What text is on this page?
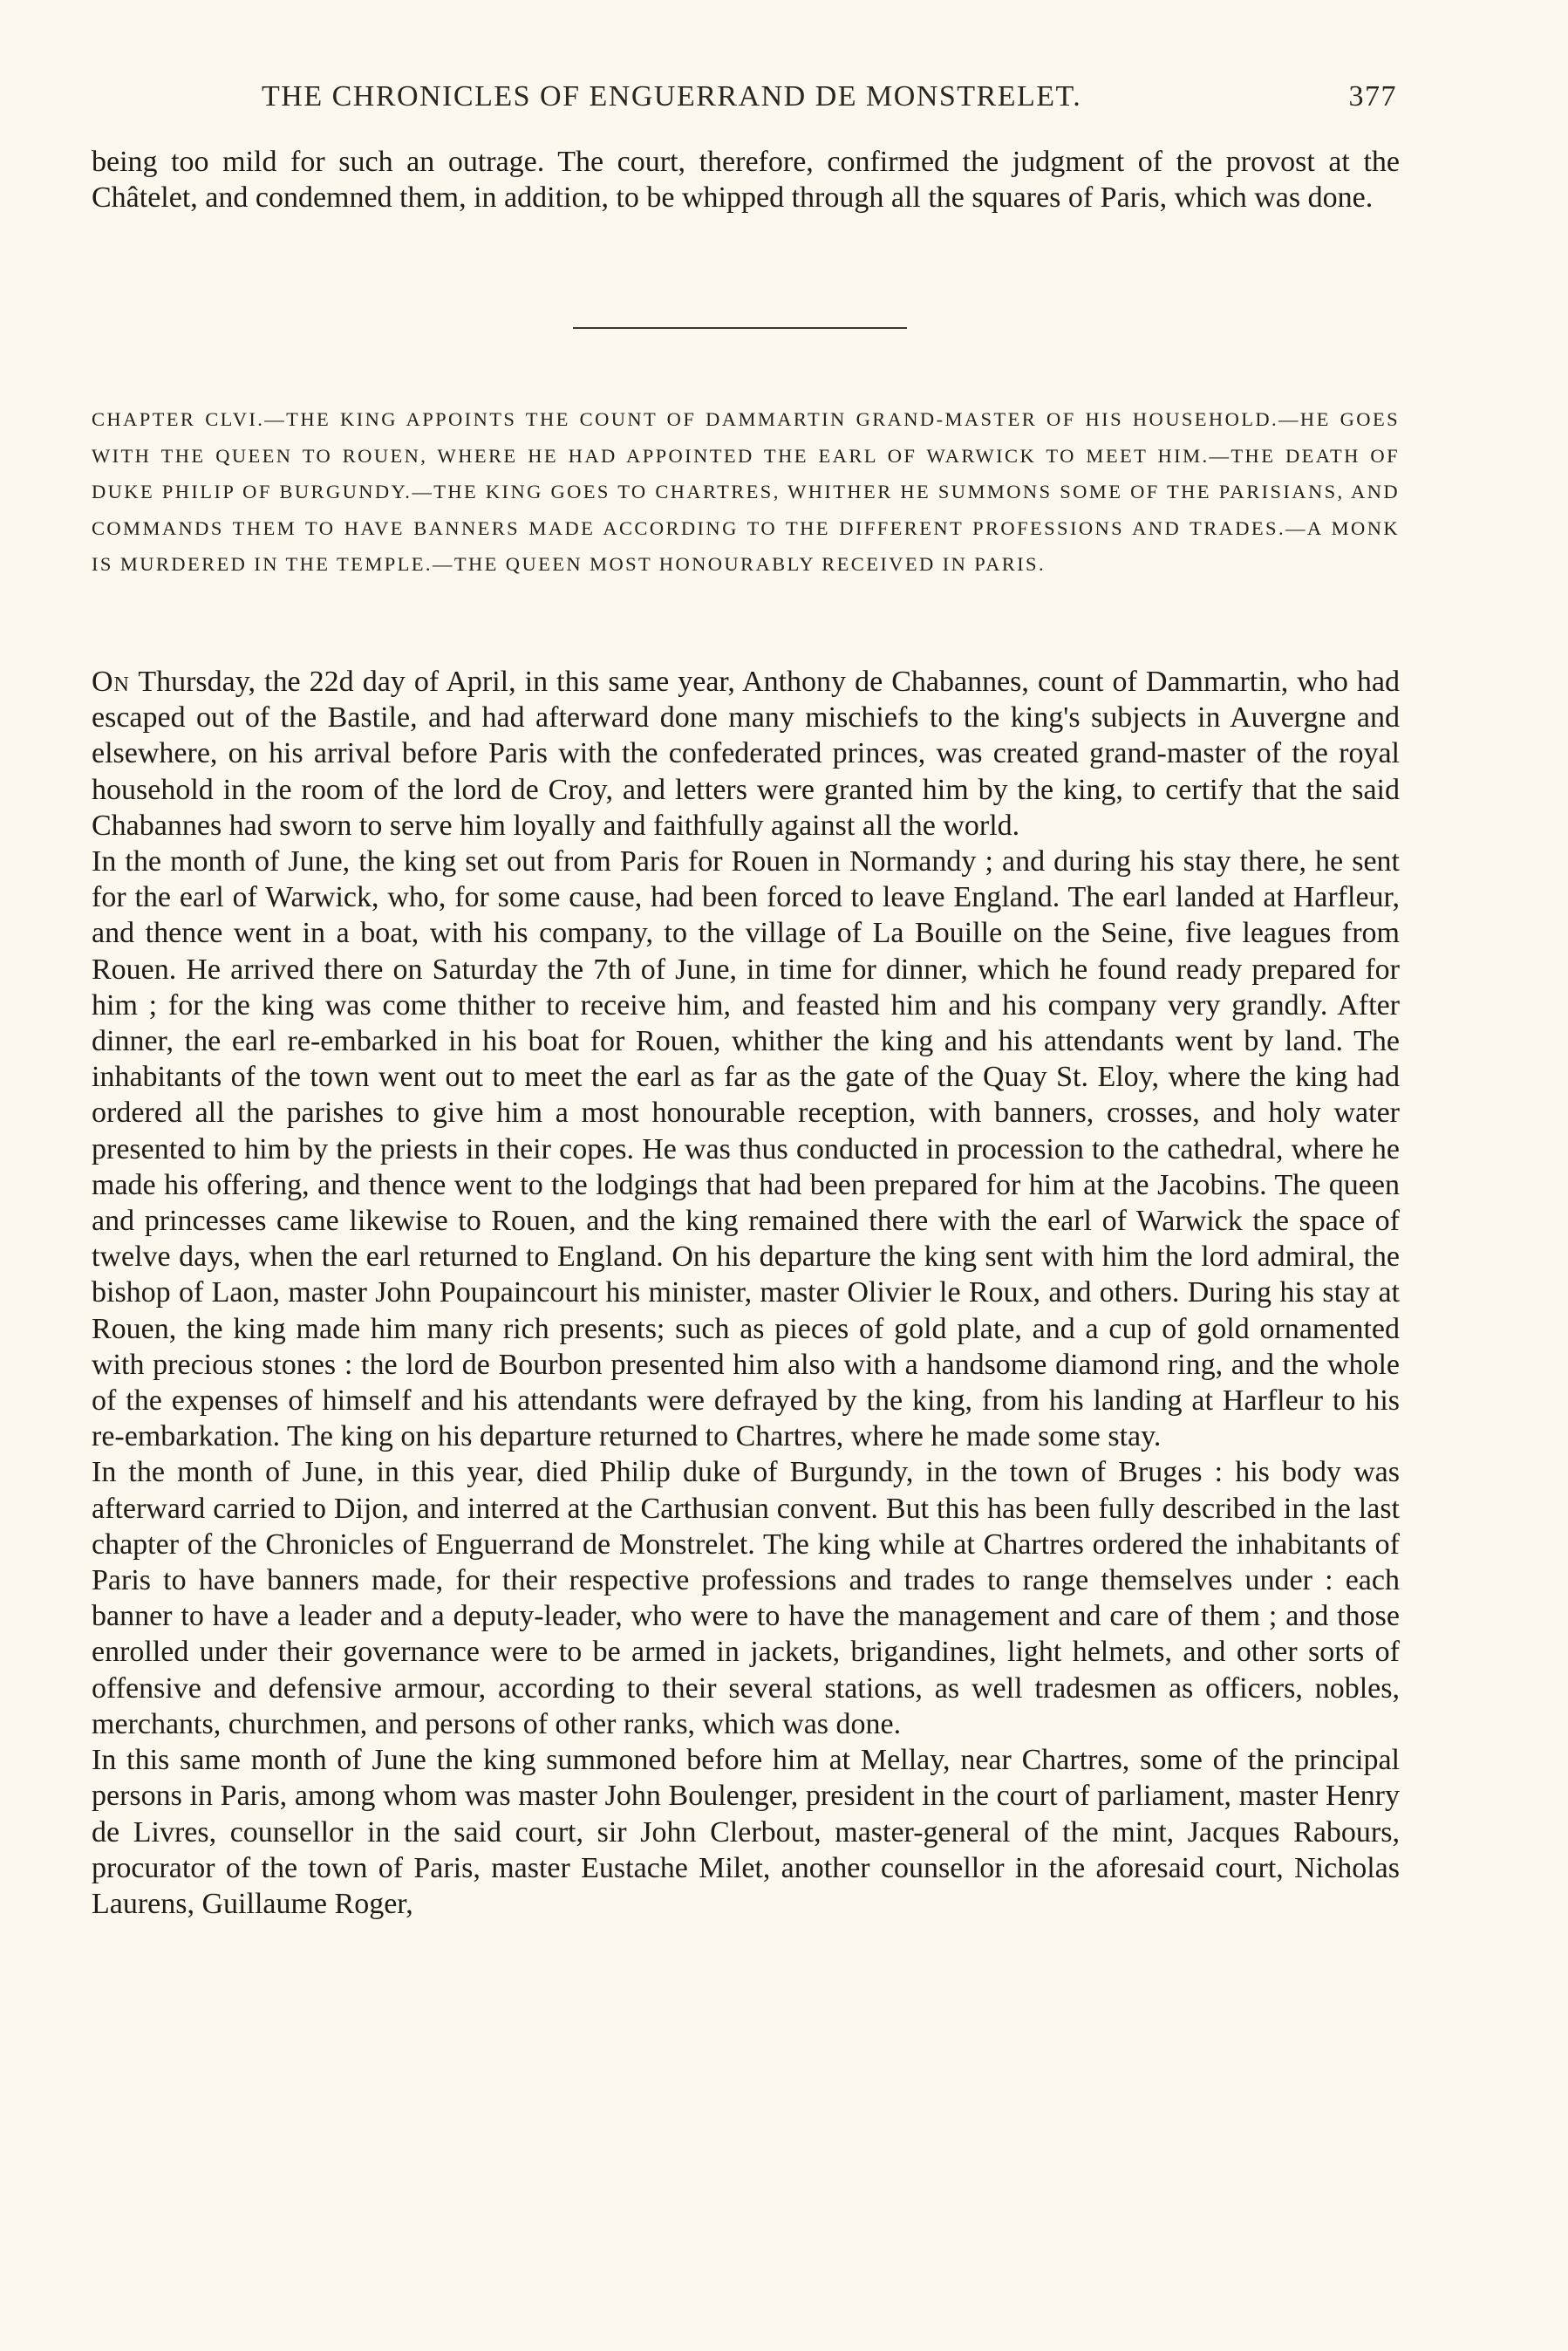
THE CHRONICLES OF ENGUERRAND DE MONSTRELET.	377

being too mild for such an outrage. The court, therefore, confirmed the judgment of the provost at the Châtelet, and condemned them, in addition, to be whipped through all the squares of Paris, which was done.

CHAPTER CLVI.—THE KING APPOINTS THE COUNT OF DAMMARTIN GRAND-MASTER OF HIS HOUSEHOLD.—HE GOES WITH THE QUEEN TO ROUEN, WHERE HE HAD APPOINTED THE EARL OF WARWICK TO MEET HIM.—THE DEATH OF DUKE PHILIP OF BURGUNDY.—THE KING GOES TO CHARTRES, WHITHER HE SUMMONS SOME OF THE PARISIANS, AND COMMANDS THEM TO HAVE BANNERS MADE ACCORDING TO THE DIFFERENT PROFESSIONS AND TRADES.—A MONK IS MURDERED IN THE TEMPLE.—THE QUEEN MOST HONOURABLY RECEIVED IN PARIS.

On Thursday, the 22d day of April, in this same year, Anthony de Chabannes, count of Dammartin, who had escaped out of the Bastile, and had afterward done many mischiefs to the king's subjects in Auvergne and elsewhere, on his arrival before Paris with the confederated princes, was created grand-master of the royal household in the room of the lord de Croy, and letters were granted him by the king, to certify that the said Chabannes had sworn to serve him loyally and faithfully against all the world.

In the month of June, the king set out from Paris for Rouen in Normandy ; and during his stay there, he sent for the earl of Warwick, who, for some cause, had been forced to leave England. The earl landed at Harfleur, and thence went in a boat, with his company, to the village of La Bouille on the Seine, five leagues from Rouen. He arrived there on Saturday the 7th of June, in time for dinner, which he found ready prepared for him ; for the king was come thither to receive him, and feasted him and his company very grandly. After dinner, the earl re-embarked in his boat for Rouen, whither the king and his attendants went by land. The inhabitants of the town went out to meet the earl as far as the gate of the Quay St. Eloy, where the king had ordered all the parishes to give him a most honourable reception, with banners, crosses, and holy water presented to him by the priests in their copes. He was thus conducted in procession to the cathedral, where he made his offering, and thence went to the lodgings that had been prepared for him at the Jacobins. The queen and princesses came likewise to Rouen, and the king remained there with the earl of Warwick the space of twelve days, when the earl returned to England. On his departure the king sent with him the lord admiral, the bishop of Laon, master John Poupaincourt his minister, master Olivier le Roux, and others. During his stay at Rouen, the king made him many rich presents; such as pieces of gold plate, and a cup of gold ornamented with precious stones : the lord de Bourbon presented him also with a handsome diamond ring, and the whole of the expenses of himself and his attendants were defrayed by the king, from his landing at Harfleur to his re-embarkation. The king on his departure returned to Chartres, where he made some stay.

In the month of June, in this year, died Philip duke of Burgundy, in the town of Bruges : his body was afterward carried to Dijon, and interred at the Carthusian convent. But this has been fully described in the last chapter of the Chronicles of Enguerrand de Monstrelet. The king while at Chartres ordered the inhabitants of Paris to have banners made, for their respective professions and trades to range themselves under : each banner to have a leader and a deputy-leader, who were to have the management and care of them ; and those enrolled under their governance were to be armed in jackets, brigandines, light helmets, and other sorts of offensive and defensive armour, according to their several stations, as well tradesmen as officers, nobles, merchants, churchmen, and persons of other ranks, which was done.

In this same month of June the king summoned before him at Mellay, near Chartres, some of the principal persons in Paris, among whom was master John Boulenger, president in the court of parliament, master Henry de Livres, counsellor in the said court, sir John Clerbout, master-general of the mint, Jacques Rabours, procurator of the town of Paris, master Eustache Milet, another counsellor in the aforesaid court, Nicholas Laurens, Guillaume Roger,
